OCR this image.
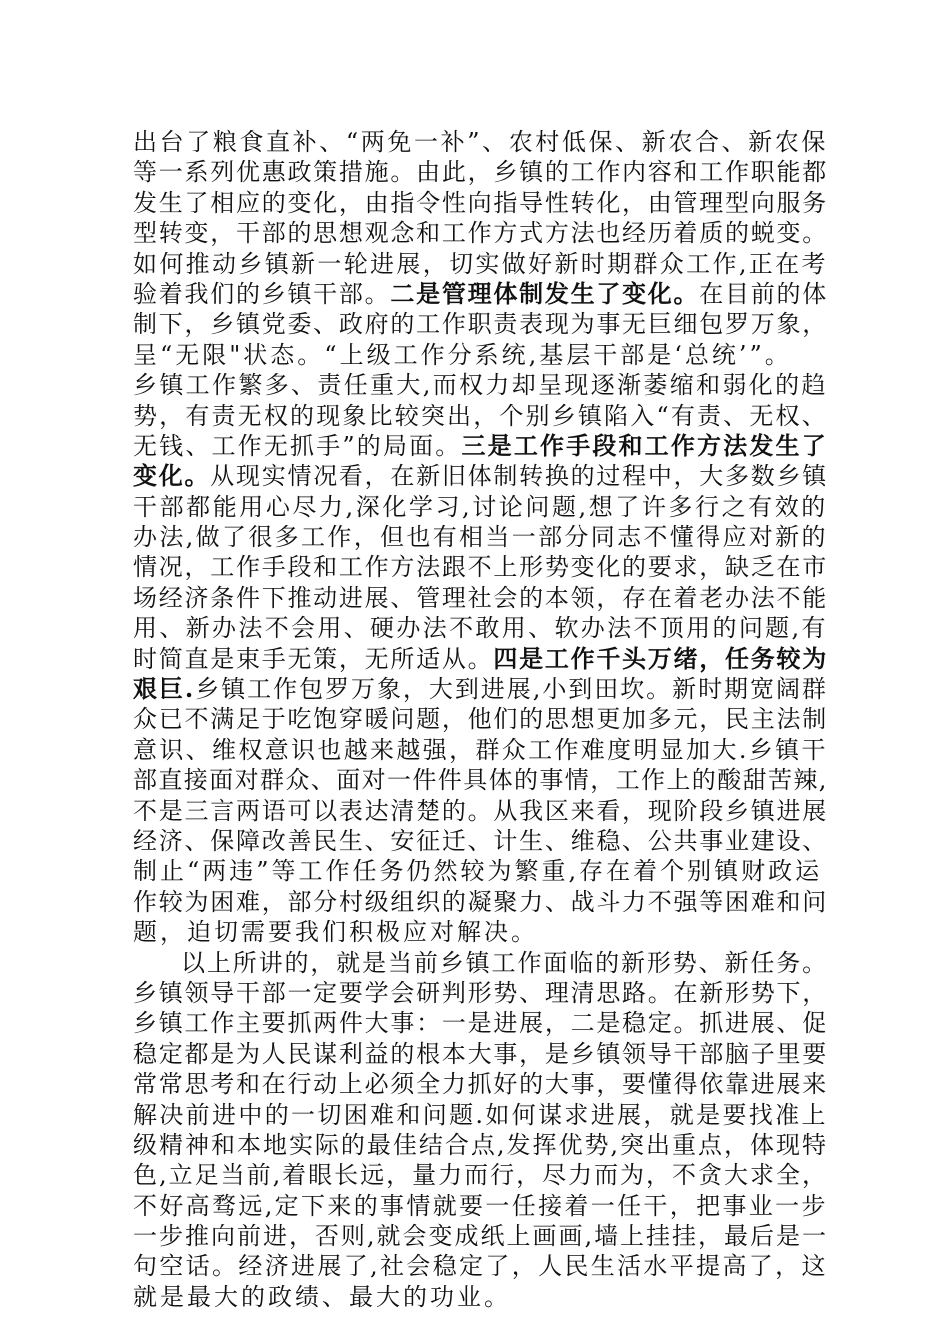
出台了粮食直补、“两免一补”、农村低保、新农合、新农保
等一系列优惠政策措施。由此，乡镇的工作内容和工作职能都
发生了相应的变化，由指令性向指导性转化，由管理型向服务
型转变，干部的思想观念和工作方式方法也经历着质的蜕变。
如何推动乡镇新一轮进展，切实做好新时期群众工作,正在考
验着我们的乡镇干部。二是管理体制发生了变化。在目前的体
制下，乡镇党委、政府的工作职责表现为事无巨细包罗万象，
呈“无限"状态。“上级工作分系统,基层干部是‘总统’”。
乡镇工作繁多、责任重大,而权力却呈现逐渐萎缩和弱化的趋
势，有责无权的现象比较突出，个别乡镇陷入“有责、无权、
无钱、工作无抓手”的局面。三是工作手段和工作方法发生了
变化。从现实情况看，在新旧体制转换的过程中，大多数乡镇
干部都能用心尽力,深化学习,讨论问题,想了许多行之有效的
办法,做了很多工作，但也有相当一部分同志不懂得应对新的
情况，工作手段和工作方法跟不上形势变化的要求，缺乏在市
场经济条件下推动进展、管理社会的本领，存在着老办法不能
用、新办法不会用、硬办法不敢用、软办法不顶用的问题,有
时简直是束手无策，无所适从。四是工作千头万绪，任务较为
艰巨.乡镇工作包罗万象，大到进展,小到田坎。新时期宽阔群
众已不满足于吃饱穿暖问题，他们的思想更加多元，民主法制
意识、维权意识也越来越强，群众工作难度明显加大.乡镇干
部直接面对群众、面对一件件具体的事情，工作上的酸甜苦辣,
不是三言两语可以表达清楚的。从我区来看，现阶段乡镇进展
经济、保障改善民生、安征迁、计生、维稳、公共事业建设、
制止“两违”等工作任务仍然较为繁重,存在着个别镇财政运
作较为困难，部分村级组织的凝聚力、战斗力不强等困难和问
题，迫切需要我们积极应对解决。
以上所讲的，就是当前乡镇工作面临的新形势、新任务。
乡镇领导干部一定要学会研判形势、理清思路。在新形势下，
乡镇工作主要抓两件大事：一是进展，二是稳定。抓进展、促
稳定都是为人民谋利益的根本大事，是乡镇领导干部脑子里要
常常思考和在行动上必须全力抓好的大事，要懂得依靠进展来
解决前进中的一切困难和问题.如何谋求进展，就是要找准上
级精神和本地实际的最佳结合点,发挥优势,突出重点，体现特
色,立足当前,着眼长远，量力而行，尽力而为，不贪大求全，
不好高骛远,定下来的事情就要一任接着一任干，把事业一步
一步推向前进，否则,就会变成纸上画画,墙上挂挂，最后是一
句空话。经济进展了,社会稳定了，人民生活水平提高了，这
就是最大的政绩、最大的功业。
